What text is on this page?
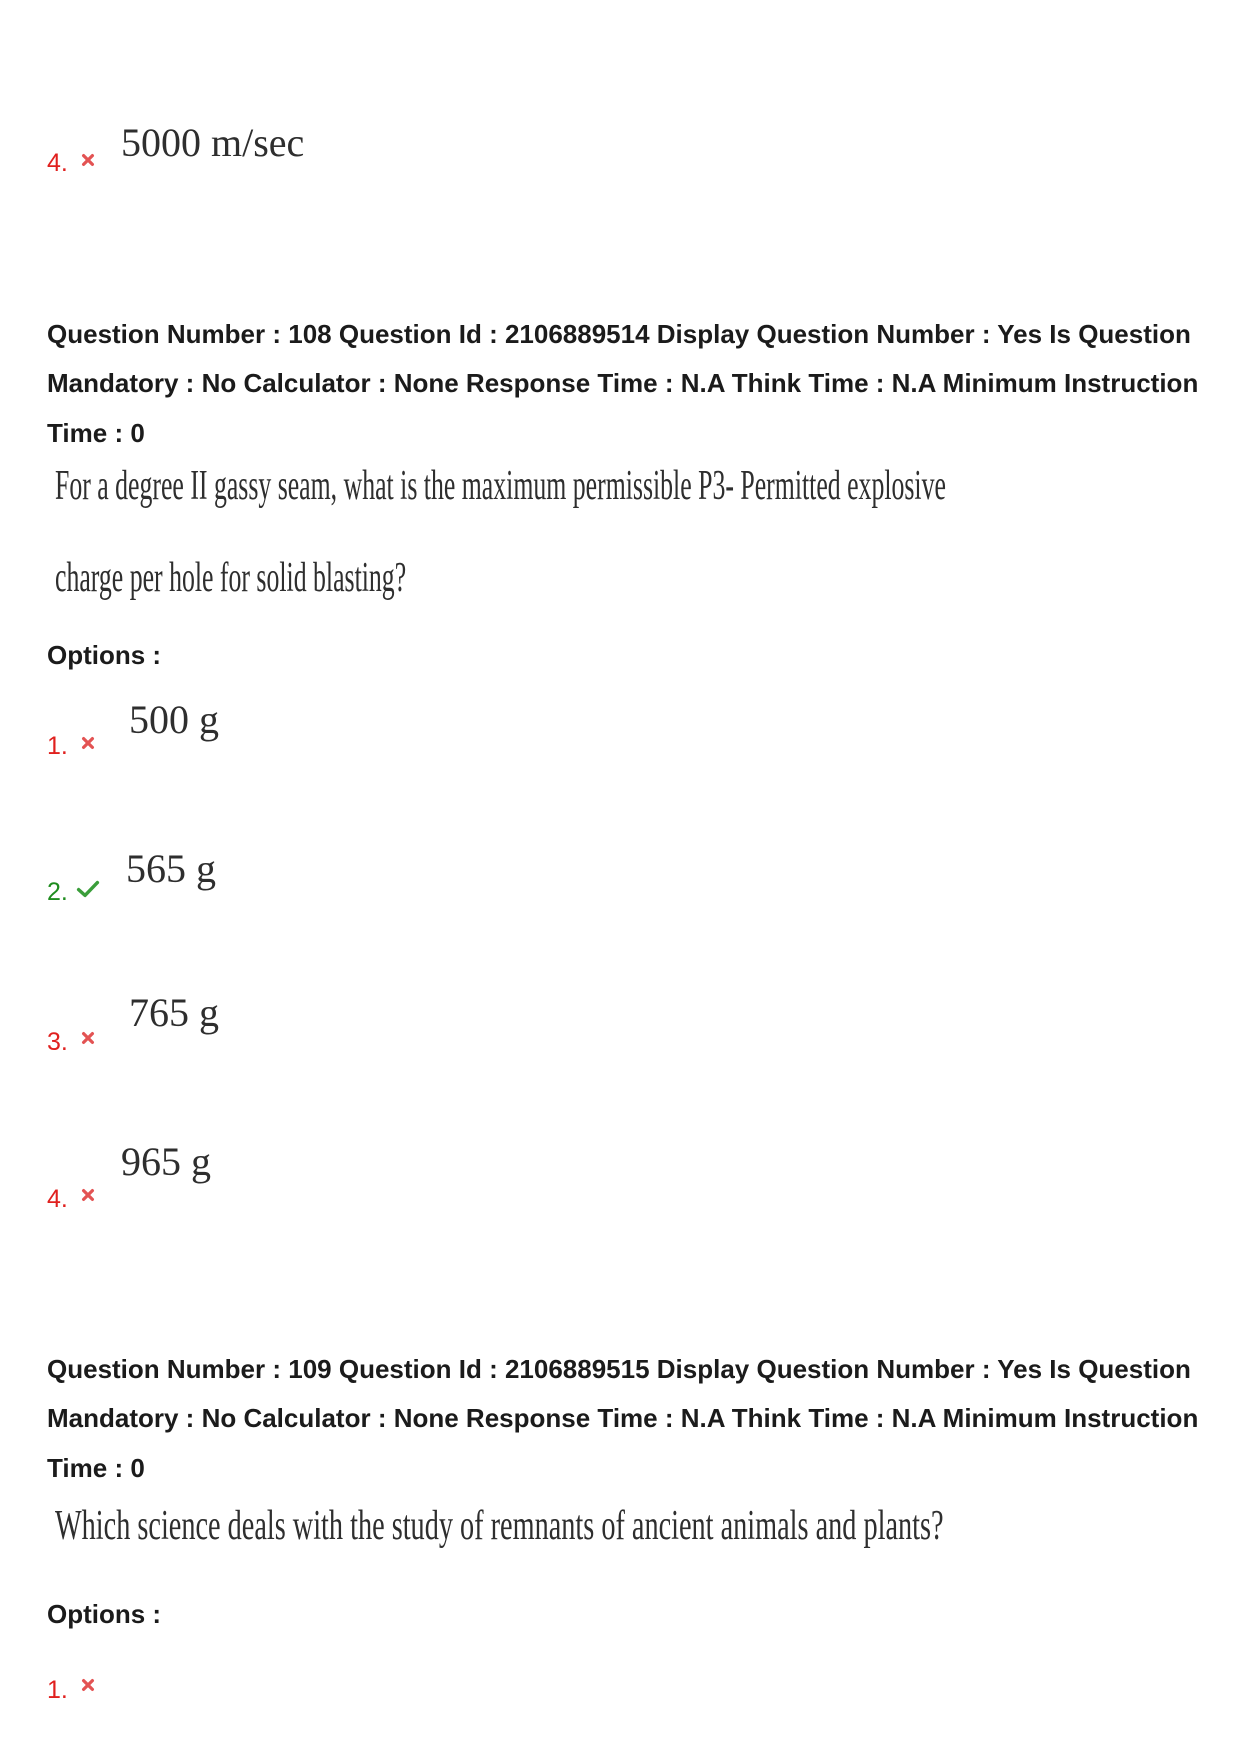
4. 5000 m/sec
Question Number : 108 Question Id : 2106889514 Display Question Number : Yes Is Question
Mandatory : No Calculator : None Response Time : N.A Think Time : N.A Minimum Instruction
Time : 0
For a degree II gassy seam, what is the maximum permissible P3- Permitted explosive
charge per hole for solid blasting?
Options :
1.
500 g
2.
565 g
3.
765 g
4.
965 g
Question Number : 109 Question Id : 2106889515 Display Question Number : Yes Is Question
Mandatory : No Calculator : None Response Time : N.A Think Time : N.A Minimum Instruction
Time : 0
Which science deals with the study of remnants of ancient animals and plants?
Options :
1.
